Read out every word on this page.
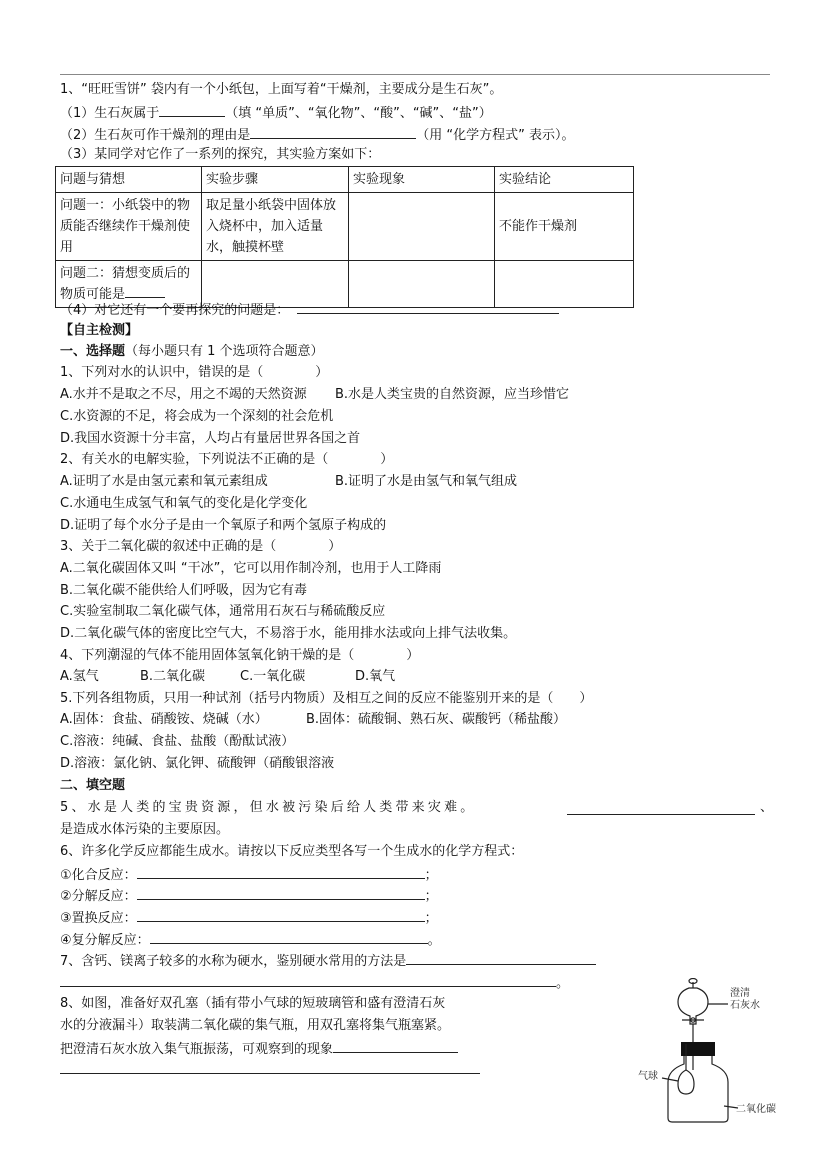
1、“旺旺雪饼” 袋内有一个小纸包，上面写着“干燥剂，主要成分是生石灰”。
（1）生石灰属于	（填 “单质”、“氧化物”、“酸”、“碱”、“盐”）
（2）生石灰可作干燥剂的理由是	（用 “化学方程式” 表示）。
（3）某同学对它作了一系列的探究，其实验方案如下：
问题与猜想	实验步骤	实验现象	实验结论
问题一：小纸袋中的物质能否继续作干燥剂使用	取足量小纸袋中固体放入烧杯中，加入适量水，触摸杯壁		不能作干燥剂
问题二：猜想变质后的物质可能是			
（4）对它还有一个要再探究的问题是：
【自主检测】
一、选择题（每小题只有 1 个选项符合题意）
1、下列对水的认识中，错误的是（　　　　）
A.水并不是取之不尽，用之不竭的天然资源 B.水是人类宝贵的自然资源，应当珍惜它
C.水资源的不足，将会成为一个深刻的社会危机
D.我国水资源十分丰富，人均占有量居世界各国之首
2、有关水的电解实验，下列说法不正确的是（　　　　）
A.证明了水是由氢元素和氧元素组成	B.证明了水是由氢气和氧气组成
C.水通电生成氢气和氧气的变化是化学变化
D.证明了每个水分子是由一个氧原子和两个氢原子构成的
3、关于二氧化碳的叙述中正确的是（　　　　）
A.二氧化碳固体又叫 “干冰”，它可以用作制冷剂，也用于人工降雨
B.二氧化碳不能供给人们呼吸，因为它有毒
C.实验室制取二氧化碳气体，通常用石灰石与稀硫酸反应
D.二氧化碳气体的密度比空气大，不易溶于水，能用排水法或向上排气法收集。
4、下列潮湿的气体不能用固体氢氧化钠干燥的是（　　　　）
A.氢气	B.二氧化碳	C.一氧化碳	D.氧气
5.下列各组物质，只用一种试剂（括号内物质）及相互之间的反应不能鉴别开来的是（　　）
A.固体：食盐、硝酸铵、烧碱（水）	B.固体：硫酸铜、熟石灰、碳酸钙（稀盐酸）
C.溶液：纯碱、食盐、盐酸（酚酞试液）
D.溶液：氯化钠、氯化钾、硫酸钾（硝酸银溶液
二、填空题
5、水是人类的宝贵资源，但水被污染后给人类带来灾难。	、
是造成水体污染的主要原因。
6、许多化学反应都能生成水。请按以下反应类型各写一个生成水的化学方程式：
①化合反应：	；
②分解反应：	；
③置换反应：	；
④复分解反应：	。
7、含钙、镁离子较多的水称为硬水，鉴别硬水常用的方法是
。
8、如图，准备好双孔塞（插有带小气球的短玻璃管和盛有澄清石灰
水的分液漏斗）取装满二氧化碳的集气瓶，用双孔塞将集气瓶塞紧。
把澄清石灰水放入集气瓶振荡，可观察到的现象
澄清
石灰水
气球
二氧化碳
